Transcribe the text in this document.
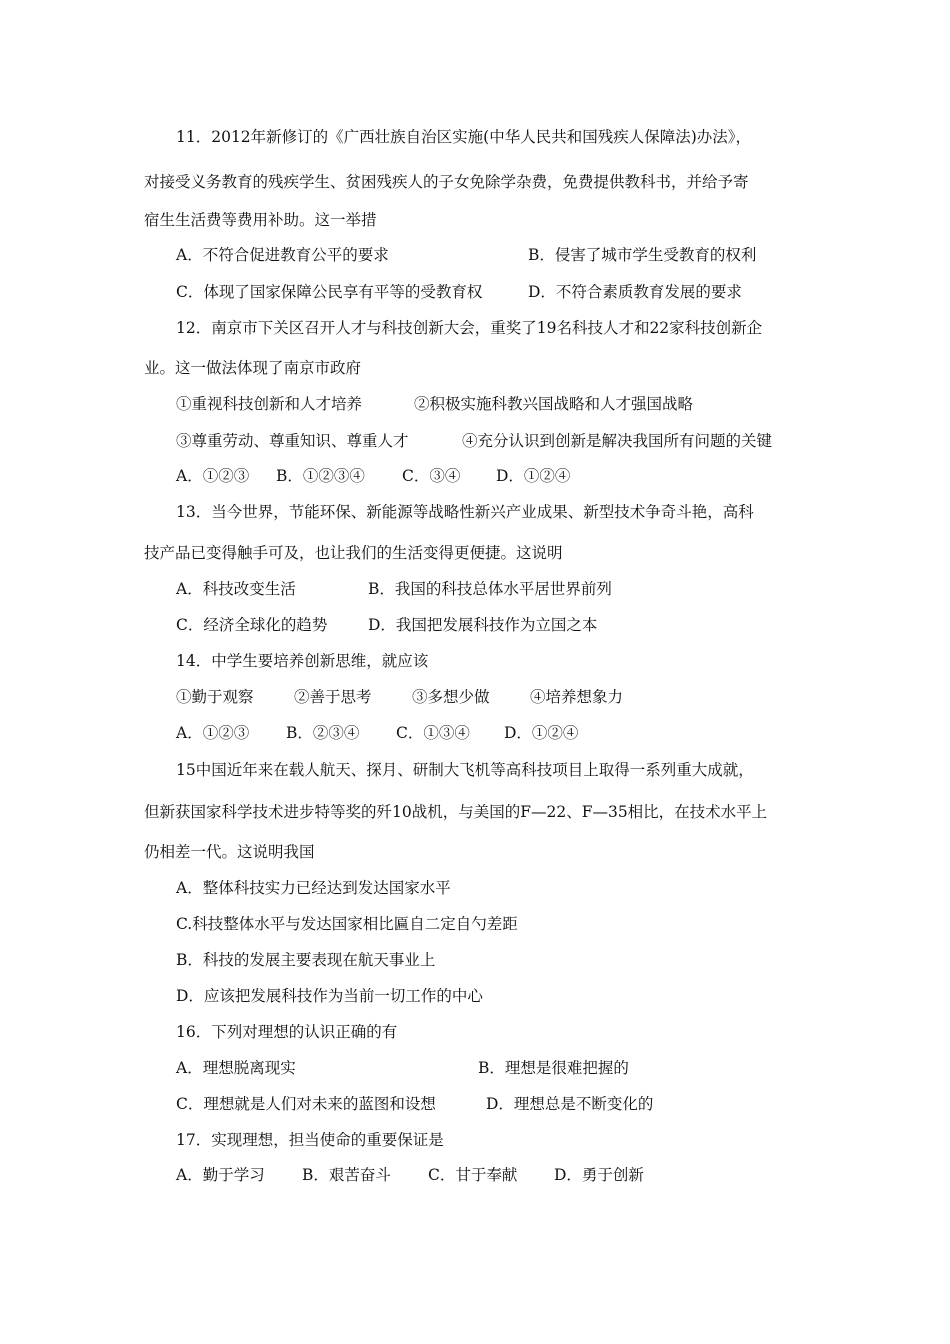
11．2012年新修订的《广西壮族自治区实施(中华人民共和国残疾人保障法)办法》，
对接受义务教育的残疾学生、贫困残疾人的子女免除学杂费，免费提供教科书，并给予寄
宿生生活费等费用补助。这一举措
A．不符合促进教育公平的要求	B．侵害了城市学生受教育的权利
C．体现了国家保障公民享有平等的受教育权	D．不符合素质教育发展的要求
12．南京市下关区召开人才与科技创新大会，重奖了19名科技人才和22家科技创新企
业。这一做法体现了南京市政府
①重视科技创新和人才培养	②积极实施科教兴国战略和人才强国战略
③尊重劳动、尊重知识、尊重人才	④充分认识到创新是解决我国所有问题的关键
A．①②③ B．①②③④ C．③④ D．①②④
13．当今世界，节能环保、新能源等战略性新兴产业成果、新型技术争奇斗艳，高科
技产品已变得触手可及，也让我们的生活变得更便捷。这说明
A．科技改变生活	B．我国的科技总体水平居世界前列
C．经济全球化的趋势	D．我国把发展科技作为立国之本
14．中学生要培养创新思维，就应该
①勤于观察	②善于思考	③多想少做	④培养想象力
A．①②③ B．②③④ C．①③④ D．①②④
15中国近年来在载人航天、探月、研制大飞机等高科技项目上取得一系列重大成就，
但新获国家科学技术进步特等奖的歼10战机，与美国的F—22、F—35相比，在技术水平上
仍相差一代。这说明我国
A．整体科技实力已经达到发达国家水平
C.科技整体水平与发达国家相比匾自二定自勺差距
B．科技的发展主要表现在航天事业上
D．应该把发展科技作为当前一切工作的中心
16．下列对理想的认识正确的有
A．理想脱离现实	B．理想是很难把握的
C．理想就是人们对未来的蓝图和设想	D．理想总是不断变化的
17．实现理想，担当使命的重要保证是
A．勤于学习 B．艰苦奋斗 C．甘于奉献 D．勇于创新
